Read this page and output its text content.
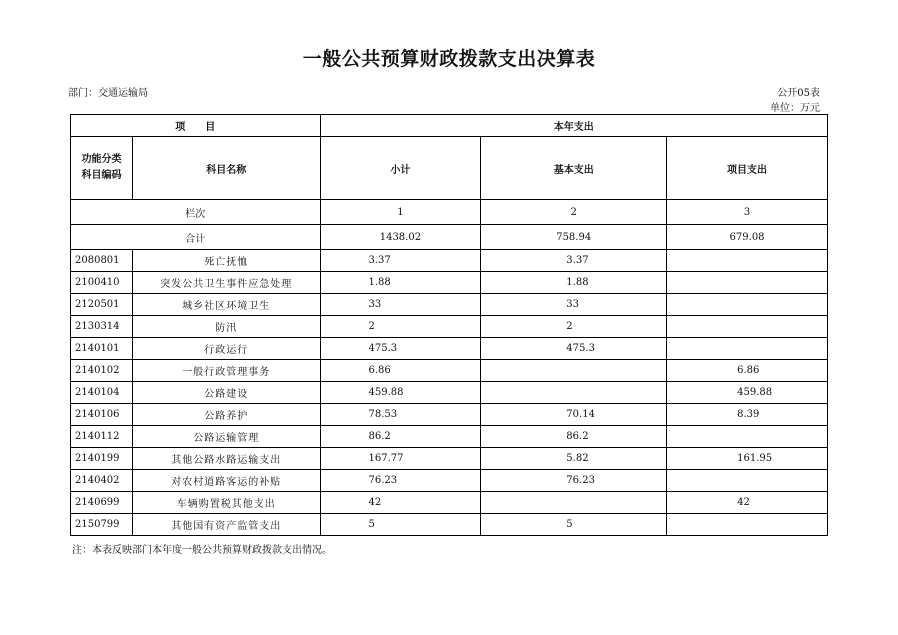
一般公共预算财政拨款支出决算表
部门：交通运输局	公开05表
单位：万元
项　　目		本年支出		
功能分类
科目编码	科目名称	小计	基本支出	项目支出
栏次		1	2	3
合计		1438.02	758.94	679.08
2080801	死亡抚恤	3.37	3.37	
2100410	突发公共卫生事件应急处理	1.88	1.88	
2120501	城乡社区环境卫生	33	33	
2130314	防汛	2	2	
2140101	行政运行	475.3	475.3	
2140102	一般行政管理事务	6.86		6.86
2140104	公路建设	459.88		459.88
2140106	公路养护	78.53	70.14	8.39
2140112	公路运输管理	86.2	86.2	
2140199	其他公路水路运输支出	167.77	5.82	161.95
2140402	对农村道路客运的补贴	76.23	76.23	
2140699	车辆购置税其他支出	42		42
2150799	其他国有资产监管支出	5	5	
注：本表反映部门本年度一般公共预算财政拨款支出情况。
